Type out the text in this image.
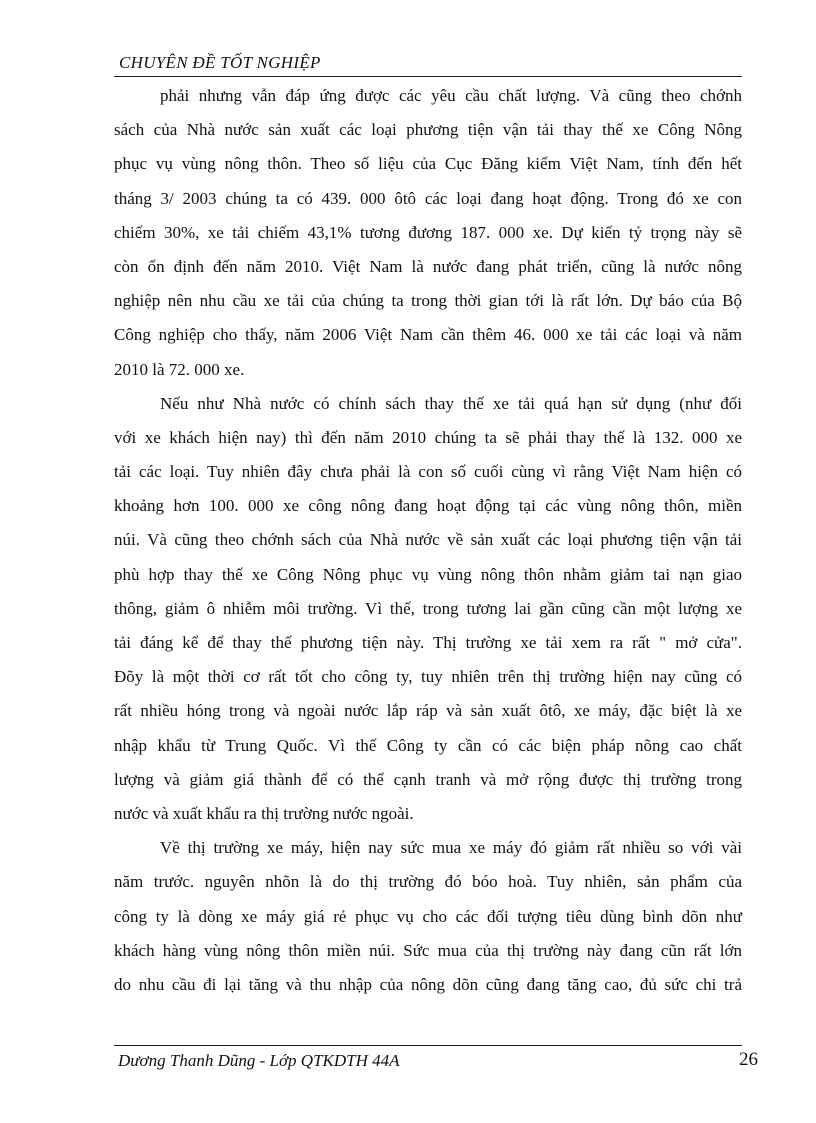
CHUYÊN ĐỀ TỐT NGHIỆP
phải nhưng vẫn đáp ứng được các yêu cầu chất lượng. Và cũng theo chớnh
sách của Nhà nước sản xuất các loại phương tiện vận tải thay thế xe Công Nông
phục vụ vùng nông thôn. Theo số liệu của Cục Đăng kiểm Việt Nam, tính đến hết
tháng 3/ 2003 chúng ta có 439. 000 ôtô các loại đang hoạt động. Trong đó xe con
chiếm 30%, xe tải chiếm 43,1% tương đương 187. 000 xe. Dự kiến tỷ trọng này sẽ
còn ổn định đến năm 2010. Việt Nam là nước đang phát triển, cũng là nước nông
nghiệp nên nhu cầu xe tải của chúng ta trong thời gian tới là rất lớn. Dự báo của Bộ
Công nghiệp cho thấy, năm 2006 Việt Nam cần thêm 46. 000 xe tải các loại và năm
2010 là 72. 000 xe.
Nếu như Nhà nước có chính sách thay thế xe tải quá hạn sử dụng (như đối
với xe khách hiện nay) thì đến năm 2010 chúng ta sẽ phải thay thế là 132. 000 xe
tải các loại. Tuy nhiên đây chưa phải là con số cuối cùng vì rằng Việt Nam hiện có
khoảng hơn 100. 000 xe công nông đang hoạt động tại các vùng nông thôn, miền
núi. Và cũng theo chớnh sách của Nhà nước về sản xuất các loại phương tiện vận tải
phù hợp thay thế xe Công Nông phục vụ vùng nông thôn nhằm giảm tai nạn giao
thông, giảm ô nhiễm môi trường. Vì thế, trong tương lai gần cũng cần một lượng xe
tải đáng kể để thay thế phương tiện này. Thị trường xe tải xem ra rất " mở cửa".
Đõy là một thời cơ rất tốt cho công ty, tuy nhiên trên thị trường hiện nay cũng có
rất nhiều hóng trong và ngoài nước lắp ráp và sản xuất ôtô, xe máy, đặc biệt là xe
nhập khẩu từ Trung Quốc. Vì thế Công ty cần có các biện pháp nõng cao chất
lượng và giảm giá thành để có thể cạnh tranh và mở rộng được thị trường trong
nước và xuất khẩu ra thị trường nước ngoài.
Về thị trường xe máy, hiện nay sức mua xe máy đó giảm rất nhiều so với vài
năm trước. nguyên nhõn là do thị trường đó bóo hoà. Tuy nhiên, sản phẩm của
công ty là dòng xe máy giá rẻ phục vụ cho các đối tượng tiêu dùng bình dõn như
khách hàng vùng nông thôn miền núi. Sức mua của thị trường này đang cũn rất lớn
do nhu cầu đi lại tăng và thu nhập của nông dõn cũng đang tăng cao, đủ sức chi trả
Dương Thanh Dũng - Lớp QTKDTH 44A	26
